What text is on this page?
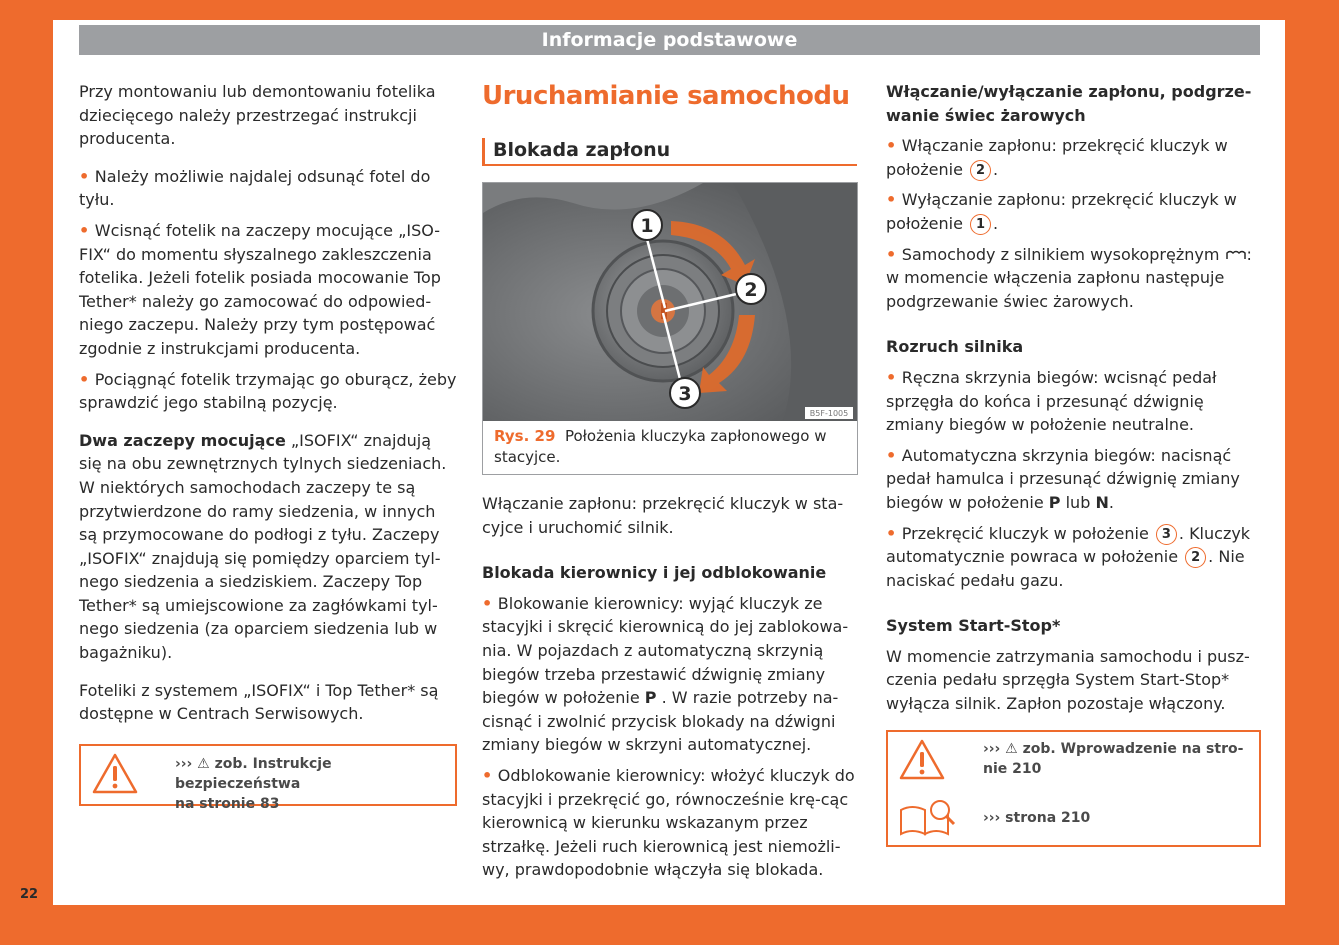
22
Informacje podstawowe

Przy montowaniu lub demontowaniu fotelika dziecięcego należy przestrzegać instrukcji producenta.

• Należy możliwie najdalej odsunąć fotel do tyłu.

• Wcisnąć fotelik na zaczepy mocujące „ISO-FIX“ do momentu słyszalnego zakleszczenia fotelika. Jeżeli fotelik posiada mocowanie Top Tether* należy go zamocować do odpowied-niego zaczepu. Należy przy tym postępować zgodnie z instrukcjami producenta.

• Pociągnąć fotelik trzymając go oburącz, żeby sprawdzić jego stabilną pozycję.

Dwa zaczepy mocujące „ISOFIX“ znajdują się na obu zewnętrznych tylnych siedzeniach. W niektórych samochodach zaczepy te są przytwierdzone do ramy siedzenia, w innych są przymocowane do podłogi z tyłu. Zaczepy „ISOFIX“ znajdują się pomiędzy oparciem tyl-nego siedzenia a siedziskiem. Zaczepy Top Tether* są umiejscowione za zagłówkami tyl-nego siedzenia (za oparciem siedzenia lub w bagażniku).

Foteliki z systemem „ISOFIX“ i Top Tether* są dostępne w Centrach Serwisowych.

››› ⚠ zob. Instrukcje bezpieczeństwa
na stronie 83
Uruchamianie samochodu
Blokada zapłonu
1
2
3
B5F-1005
Rys. 29 Położenia kluczyka zapłonowego w stacyjce.

Włączanie zapłonu: przekręcić kluczyk w sta-cyjce i uruchomić silnik.

Blokada kierownicy i jej odblokowanie

• Blokowanie kierownicy: wyjąć kluczyk ze stacyjki i skręcić kierownicą do jej zablokowa-nia. W pojazdach z automatyczną skrzynią biegów trzeba przestawić dźwignię zmiany biegów w położenie P . W razie potrzeby na-cisnąć i zwolnić przycisk blokady na dźwigni zmiany biegów w skrzyni automatycznej.

• Odblokowanie kierownicy: włożyć kluczyk do stacyjki i przekręcić go, równocześnie krę-cąc kierownicą w kierunku wskazanym przez strzałkę. Jeżeli ruch kierownicą jest niemożli-wy, prawdopodobnie włączyła się blokada.

Włączanie/wyłączanie zapłonu, podgrze-wanie świec żarowych

• Włączanie zapłonu: przekręcić kluczyk w położenie 2 .

• Wyłączanie zapłonu: przekręcić kluczyk w położenie 1 .

• Samochody z silnikiem wysokoprężnym : w momencie włączenia zapłonu następuje podgrzewanie świec żarowych.

Rozruch silnika

• Ręczna skrzynia biegów: wcisnąć pedał sprzęgła do końca i przesunąć dźwignię zmiany biegów w położenie neutralne.

• Automatyczna skrzynia biegów: nacisnąć pedał hamulca i przesunąć dźwignię zmiany biegów w położenie P lub N.

• Przekręcić kluczyk w położenie 3 . Kluczyk automatycznie powraca w położenie 2 . Nie naciskać pedału gazu.

System Start-Stop*

W momencie zatrzymania samochodu i pusz-czenia pedału sprzęgła System Start-Stop* wyłącza silnik. Zapłon pozostaje włączony.

››› ⚠ zob. Wprowadzenie na stro-
nie 210
››› strona 210
